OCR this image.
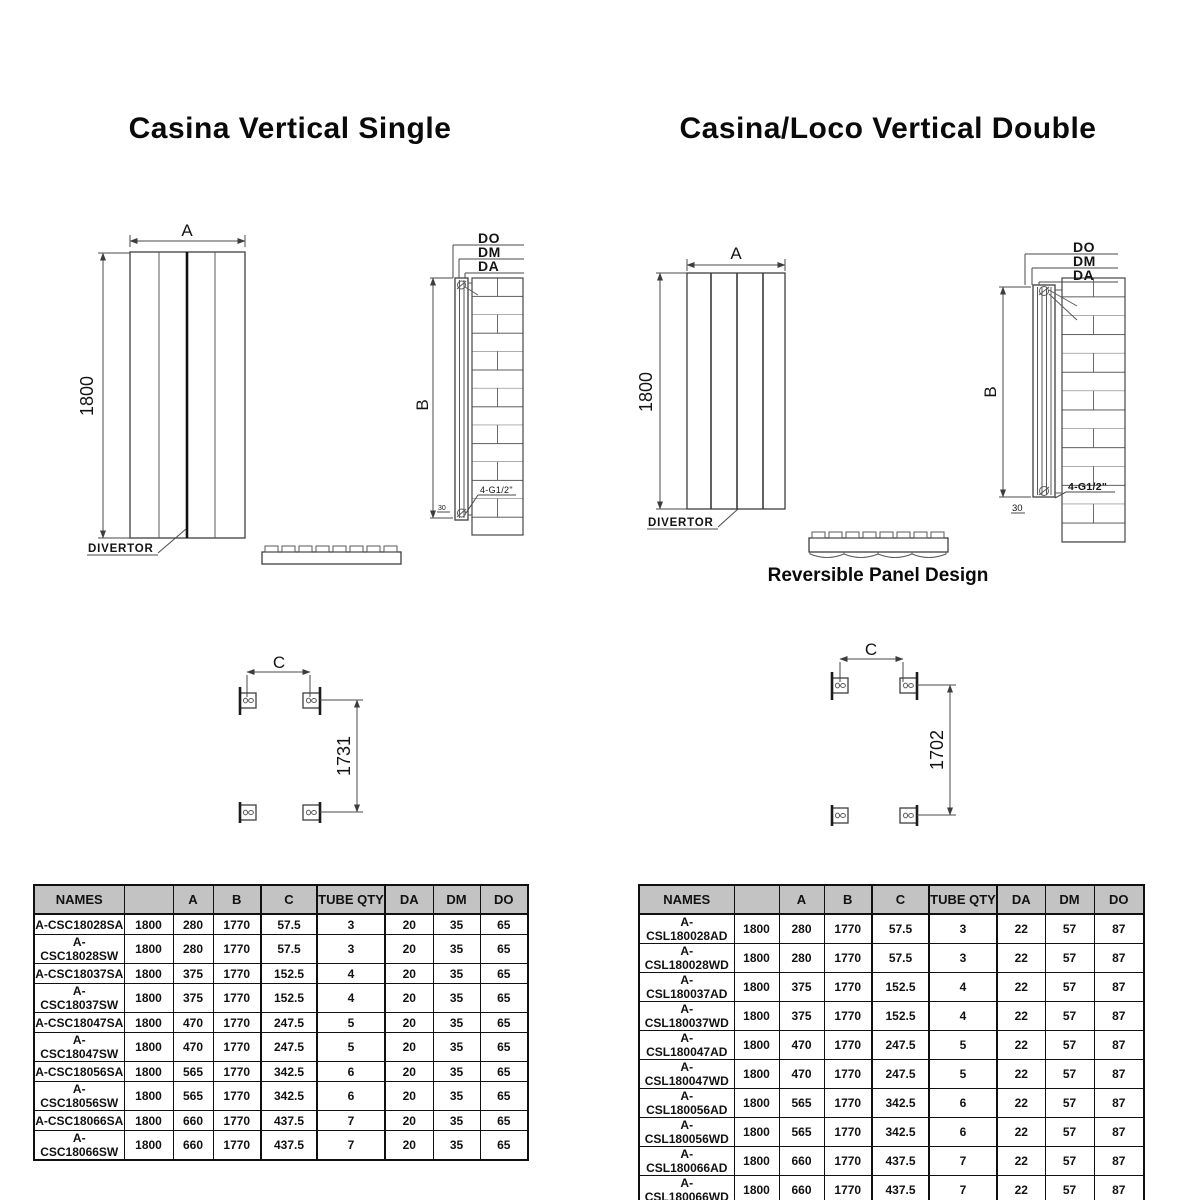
Casina Vertical Single	Casina/Loco Vertical Double
A
1800
DIVERTOR
B
DO
DM
DA
4-G1/2"
30
C
1731
A
1800
DIVERTOR
Reversible Panel Design
B
DO
DM
DA
4-G1/2"
30
C
1702
NAMES		A	B	C	TUBE QTY	DA	DM	DO
A-CSC18028SA	1800	280	1770	57.5	3	20	35	65
A-CSC18028SW	1800	280	1770	57.5	3	20	35	65
A-CSC18037SA	1800	375	1770	152.5	4	20	35	65
A-CSC18037SW	1800	375	1770	152.5	4	20	35	65
A-CSC18047SA	1800	470	1770	247.5	5	20	35	65
A-CSC18047SW	1800	470	1770	247.5	5	20	35	65
A-CSC18056SA	1800	565	1770	342.5	6	20	35	65
A-CSC18056SW	1800	565	1770	342.5	6	20	35	65
A-CSC18066SA	1800	660	1770	437.5	7	20	35	65
A-CSC18066SW	1800	660	1770	437.5	7	20	35	65
NAMES		A	B	C	TUBE QTY	DA	DM	DO
A-CSL180028AD	1800	280	1770	57.5	3	22	57	87
A-CSL180028WD	1800	280	1770	57.5	3	22	57	87
A-CSL180037AD	1800	375	1770	152.5	4	22	57	87
A-CSL180037WD	1800	375	1770	152.5	4	22	57	87
A-CSL180047AD	1800	470	1770	247.5	5	22	57	87
A-CSL180047WD	1800	470	1770	247.5	5	22	57	87
A-CSL180056AD	1800	565	1770	342.5	6	22	57	87
A-CSL180056WD	1800	565	1770	342.5	6	22	57	87
A-CSL180066AD	1800	660	1770	437.5	7	22	57	87
A-CSL180066WD	1800	660	1770	437.5	7	22	57	87
